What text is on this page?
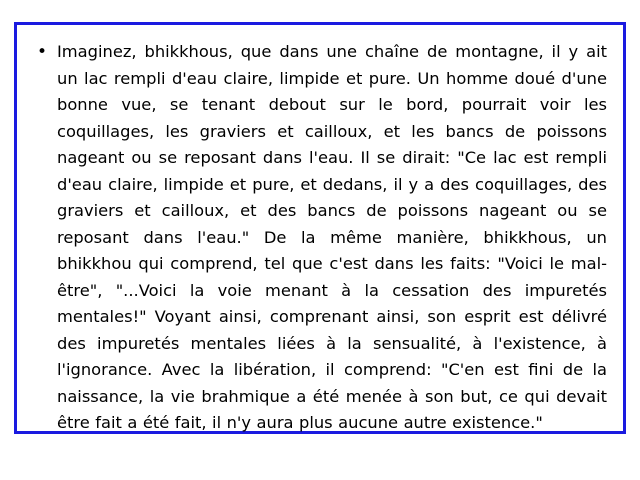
• Imaginez, bhikkhous, que dans une chaîne de montagne, il y ait un lac rempli d'eau claire, limpide et pure. Un homme doué d'une bonne vue, se tenant debout sur le bord, pourrait voir les coquillages, les graviers et cailloux, et les bancs de poissons nageant ou se reposant dans l'eau. Il se dirait: "Ce lac est rempli d'eau claire, limpide et pure, et dedans, il y a des coquillages, des graviers et cailloux, et des bancs de poissons nageant ou se reposant dans l'eau." De la même manière, bhikkhous, un bhikkhou qui comprend, tel que c'est dans les faits: "Voici le mal-être", "...Voici la voie menant à la cessation des impuretés mentales!" Voyant ainsi, comprenant ainsi, son esprit est délivré des impuretés mentales liées à la sensualité, à l'existence, à l'ignorance. Avec la libération, il comprend: "C'en est fini de la naissance, la vie brahmique a été menée à son but, ce qui devait être fait a été fait, il n'y aura plus aucune autre existence."
